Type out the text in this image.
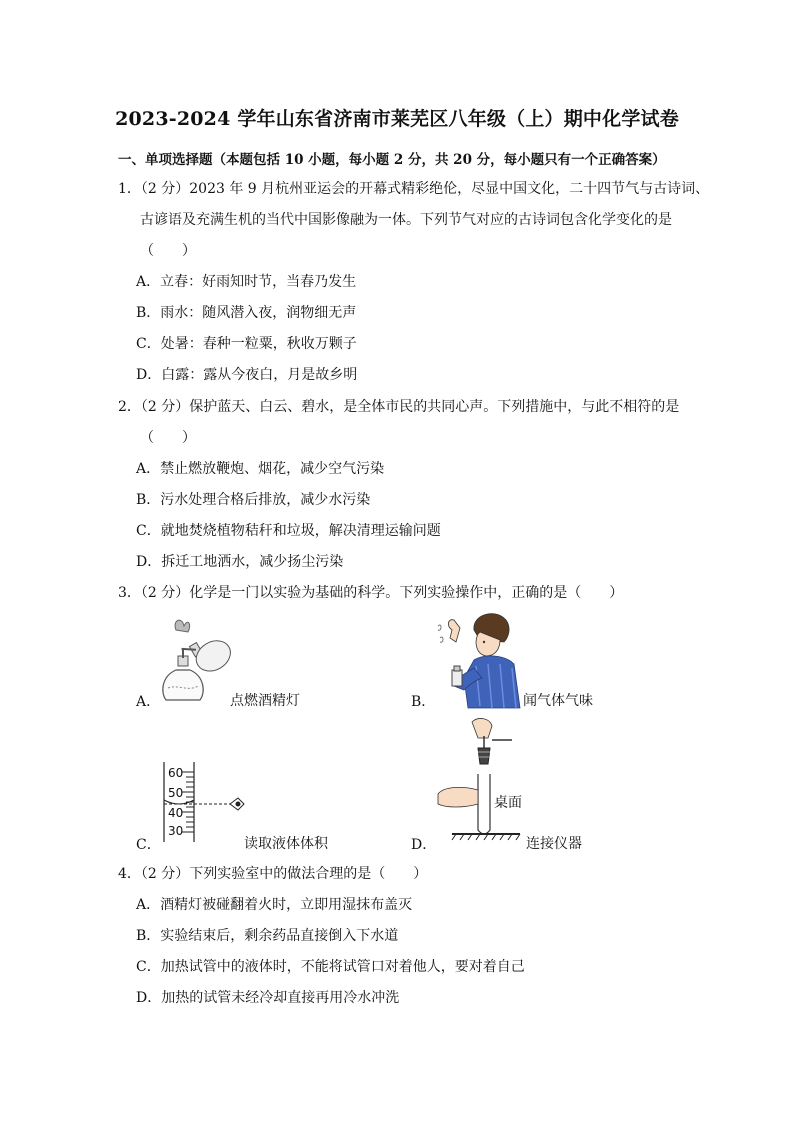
2023-2024 学年山东省济南市莱芜区八年级（上）期中化学试卷
一、单项选择题（本题包括 10 小题，每小题 2 分，共 20 分，每小题只有一个正确答案）
1．（2 分）2023 年 9 月杭州亚运会的开幕式精彩绝伦，尽显中国文化，二十四节气与古诗词、
古谚语及充满生机的当代中国影像融为一体。下列节气对应的古诗词包含化学变化的是
（　　）
A．立春：好雨知时节，当春乃发生
B．雨水：随风潜入夜，润物细无声
C．处暑：春种一粒粟，秋收万颗子
D．白露：露从今夜白，月是故乡明
2．（2 分）保护蓝天、白云、碧水，是全体市民的共同心声。下列措施中，与此不相符的是
（　　）
A．禁止燃放鞭炮、烟花，减少空气污染
B．污水处理合格后排放，减少水污染
C．就地焚烧植物秸秆和垃圾，解决清理运输问题
D．拆迁工地洒水，减少扬尘污染
3．（2 分）化学是一门以实验为基础的科学。下列实验操作中，正确的是（　　）
A．	点燃酒精灯	B．	闻气体气味
C．
60
50
40
30
读取液体体积	D．
桌面
连接仪器
4．（2 分）下列实验室中的做法合理的是（　　）
A．酒精灯被碰翻着火时，立即用湿抹布盖灭
B．实验结束后，剩余药品直接倒入下水道
C．加热试管中的液体时，不能将试管口对着他人，要对着自己
D．加热的试管未经冷却直接再用冷水冲洗
